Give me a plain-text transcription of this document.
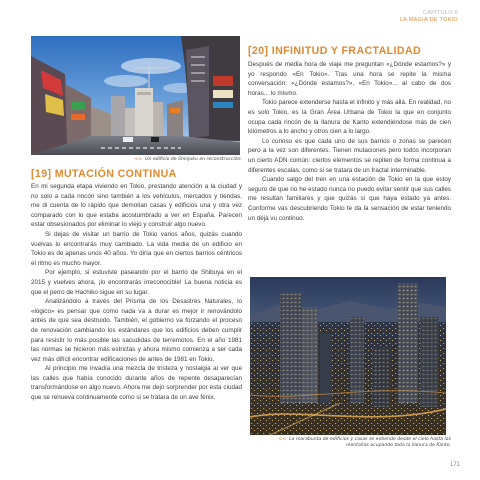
CAPÍTULO 6
LA MAGIA DE TOKIO
<< Un edificio de Shinjuku en reconstrucción.
[19] MUTACIÓN CONTINUA

En mi segunda etapa viviendo en Tokio, prestando atención a la ciudad y no solo a cada rincón sino también a los vehículos, mercados y tiendas, me di cuenta de lo rápido que demolían casas y edificios una y otra vez comparado con lo que estaba acostumbrado a ver en España. Parecen estar obsesionados por eliminar lo viejo y construir algo nuevo.

Si dejas de visitar un barrio de Tokio varios años, quizás cuando vuelvas lo encontrarás muy cambiado. La vida media de un edificio en Tokio es de apenas unos 40 años. Yo diría que en ciertos barrios céntricos el ritmo es mucho mayor.

Por ejemplo, si estuviste paseando por el barrio de Shibuya en el 2015 y vuelves ahora, ¡lo encontrarás irreconocible! La buena noticia es que el perro de Hachiko sigue en su lugar.

Analizándolo a través del Prisma de los Desastres Naturales, lo «lógico» es pensar que como nada va a durar es mejor ir renovándolo antes de que sea destruido. También, el gobierno va forzando el proceso de renovación cambiando los estándares que los edificios deben cumplir para resistir lo más posible las sacudidas de terremotos. En el año 1981 las normas se hicieron más estrictas y ahora mismo comienza a ser cada vez más difícil encontrar edificaciones de antes de 1981 en Tokio.

Al principio me invadía una mezcla de tristeza y nostalgia al ver que las calles que había conocido durante años de repente desaparecían transformándose en algo nuevo. Ahora me dejo sorprender por esta ciudad que se renueva continuamente como si se tratara de un ave fénix.

[20] INFINITUD Y FRACTALIDAD

Después de media hora de viaje me preguntan «¿Dónde estamos?» y yo respondo «En Tokio». Tras una hora se repite la misma conversación: «¿Dónde estamos?», «En Tokio»... al cabo de dos horas... lo mismo.

Tokio parece extenderse hasta el infinito y más allá. En realidad, no es solo Tokio, es la Gran Área Urbana de Tokio la que en conjunto ocupa cada rincón de la llanura de Kanto extendiéndose más de cien kilómetros a lo ancho y otros cien a lo largo.

Lo curioso es que cada uno de sus barrios o zonas se parecen pero a la vez son diferentes. Tienen mutaciones pero todos incorporan un cierto ADN común: ciertos elementos se repiten de forma continua a diferentes escalas, como si se tratara de un fractal interminable.

Cuando salgo del tren en una estación de Tokio en la que estoy seguro de que no he estado nunca no puedo evitar sentir que sus calles me resultan familiares y que quizás sí que haya estado ya antes. Conforme vas descubriendo Tokio te da la sensación de estar teniendo un déjà vu continuo.

<< La marabunta de edificios y casas se extiende desde el cielo hasta las montañas ocupando toda la llanura de Kanto.
171
